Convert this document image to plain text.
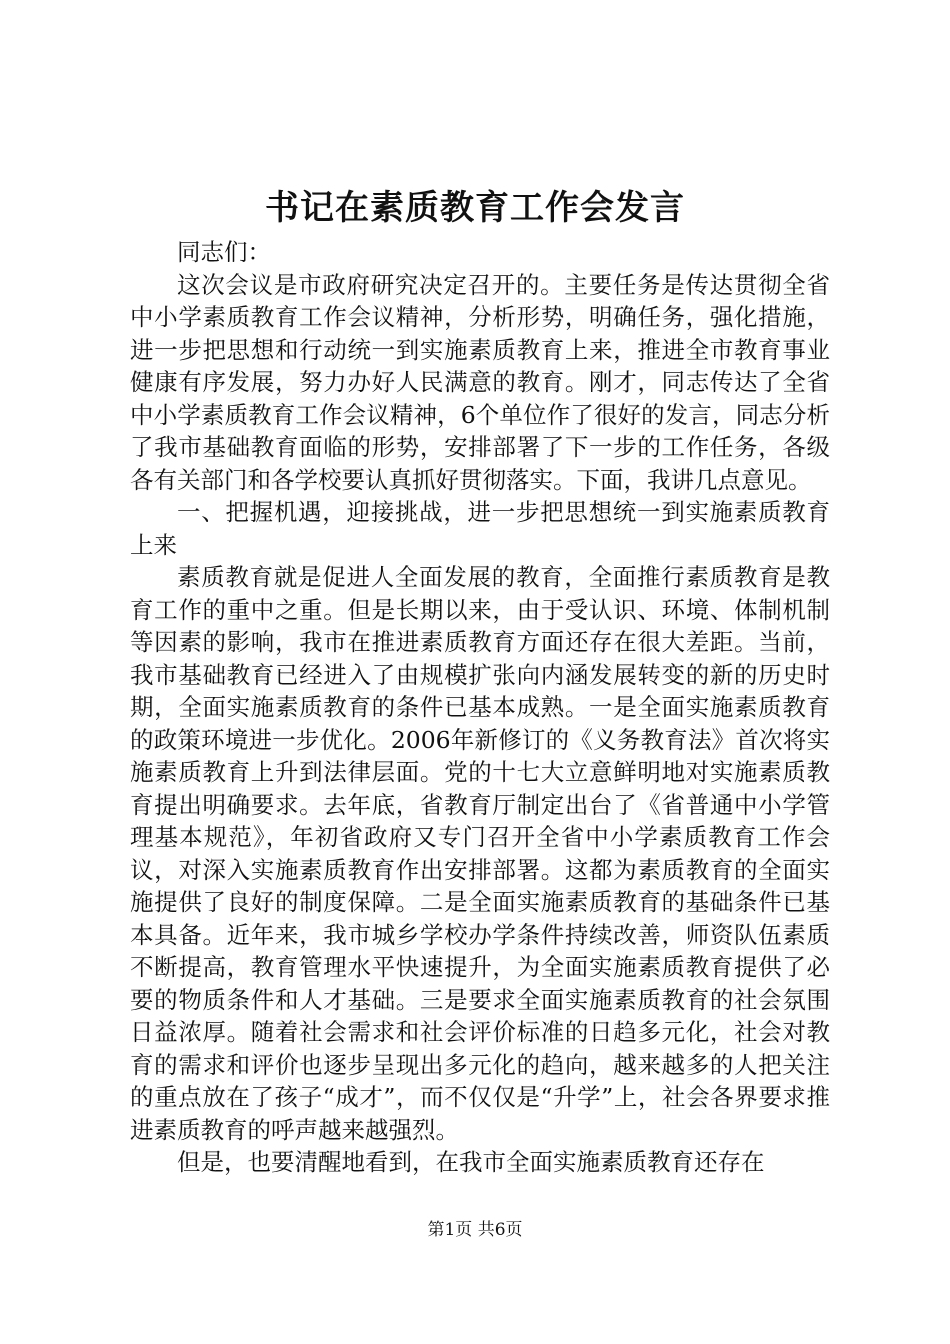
书记在素质教育工作会发言

同志们：

这次会议是市政府研究决定召开的。主要任务是传达贯彻全省中小学素质教育工作会议精神，分析形势，明确任务，强化措施，进一步把思想和行动统一到实施素质教育上来，推进全市教育事业健康有序发展，努力办好人民满意的教育。刚才，同志传达了全省中小学素质教育工作会议精神，6个单位作了很好的发言，同志分析了我市基础教育面临的形势，安排部署了下一步的工作任务，各级各有关部门和各学校要认真抓好贯彻落实。下面，我讲几点意见。

一、把握机遇，迎接挑战，进一步把思想统一到实施素质教育上来

素质教育就是促进人全面发展的教育，全面推行素质教育是教育工作的重中之重。但是长期以来，由于受认识、环境、体制机制等因素的影响，我市在推进素质教育方面还存在很大差距。当前，我市基础教育已经进入了由规模扩张向内涵发展转变的新的历史时期，全面实施素质教育的条件已基本成熟。一是全面实施素质教育的政策环境进一步优化。2006年新修订的《义务教育法》首次将实施素质教育上升到法律层面。党的十七大立意鲜明地对实施素质教育提出明确要求。去年底，省教育厅制定出台了《省普通中小学管理基本规范》，年初省政府又专门召开全省中小学素质教育工作会议，对深入实施素质教育作出安排部署。这都为素质教育的全面实施提供了良好的制度保障。二是全面实施素质教育的基础条件已基本具备。近年来，我市城乡学校办学条件持续改善，师资队伍素质不断提高，教育管理水平快速提升，为全面实施素质教育提供了必要的物质条件和人才基础。三是要求全面实施素质教育的社会氛围日益浓厚。随着社会需求和社会评价标准的日趋多元化，社会对教育的需求和评价也逐步呈现出多元化的趋向，越来越多的人把关注的重点放在了孩子“成才”，而不仅仅是“升学”上，社会各界要求推进素质教育的呼声越来越强烈。

但是，也要清醒地看到，在我市全面实施素质教育还存在

第1页 共6页
